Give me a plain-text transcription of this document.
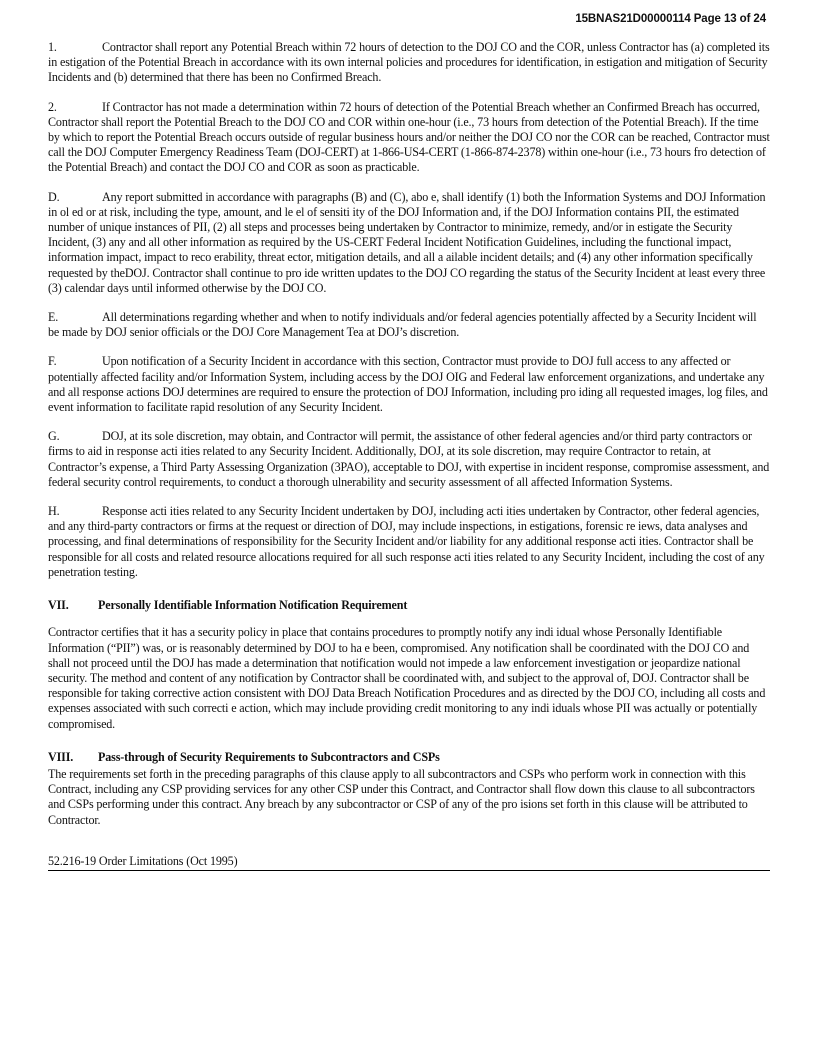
15BNAS21D00000114 Page 13 of 24

1.	Contractor shall report any Potential Breach within 72 hours of detection to the DOJ CO and the COR, unless Contractor has (a) completed its in estigation of the Potential Breach in accordance with its own internal policies and procedures for identification, in estigation and mitigation of Security Incidents and (b) determined that there has been no Confirmed Breach.

2.	If Contractor has not made a determination within 72 hours of detection of the Potential Breach whether an Confirmed Breach has occurred, Contractor shall report the Potential Breach to the DOJ CO and COR within one-hour (i.e., 73 hours from detection of the Potential Breach). If the time by which to report the Potential Breach occurs outside of regular business hours and/or neither the DOJ CO nor the COR can be reached, Contractor must call the DOJ Computer Emergency Readiness Team (DOJ-CERT) at 1-866-US4-CERT (1-866-874-2378) within one-hour (i.e., 73 hours fro detection of the Potential Breach) and contact the DOJ CO and COR as soon as practicable.

D.	Any report submitted in accordance with paragraphs (B) and (C), abo e, shall identify (1) both the Information Systems and DOJ Information in ol ed or at risk, including the type, amount, and le el of sensiti ity of the DOJ Information and, if the DOJ Information contains PII, the estimated number of unique instances of PII, (2) all steps and processes being undertaken by Contractor to minimize, remedy, and/or in estigate the Security Incident, (3) any and all other information as required by the US-CERT Federal Incident Notification Guidelines, including the functional impact, information impact, impact to reco erability, threat ector, mitigation details, and all a ailable incident details; and (4) any other information specifically requested by theDOJ. Contractor shall continue to pro ide written updates to the DOJ CO regarding the status of the Security Incident at least every three (3) calendar days until informed otherwise by the DOJ CO.

E.	All determinations regarding whether and when to notify individuals and/or federal agencies potentially affected by a Security Incident will be made by DOJ senior officials or the DOJ Core Management Tea at DOJ’s discretion.

F.	Upon notification of a Security Incident in accordance with this section, Contractor must provide to DOJ full access to any affected or potentially affected facility and/or Information System, including access by the DOJ OIG and Federal law enforcement organizations, and undertake any and all response actions DOJ determines are required to ensure the protection of DOJ Information, including pro iding all requested images, log files, and event information to facilitate rapid resolution of any Security Incident.

G.	DOJ, at its sole discretion, may obtain, and Contractor will permit, the assistance of other federal agencies and/or third party contractors or firms to aid in response acti ities related to any Security Incident. Additionally, DOJ, at its sole discretion, may require Contractor to retain, at Contractor’s expense, a Third Party Assessing Organization (3PAO), acceptable to DOJ, with expertise in incident response, compromise assessment, and federal security control requirements, to conduct a thorough ulnerability and security assessment of all affected Information Systems.

H.	Response acti ities related to any Security Incident undertaken by DOJ, including acti ities undertaken by Contractor, other federal agencies, and any third-party contractors or firms at the request or direction of DOJ, may include inspections, in estigations, forensic re iews, data analyses and processing, and final determinations of responsibility for the Security Incident and/or liability for any additional response acti ities. Contractor shall be responsible for all costs and related resource allocations required for all such response acti ities related to any Security Incident, including the cost of any penetration testing.

VII. Personally Identifiable Information Notification Requirement

Contractor certifies that it has a security policy in place that contains procedures to promptly notify any indi idual whose Personally Identifiable Information (“PII”) was, or is reasonably determined by DOJ to ha e been, compromised. Any notification shall be coordinated with the DOJ CO and shall not proceed until the DOJ has made a determination that notification would not impede a law enforcement investigation or jeopardize national security. The method and content of any notification by Contractor shall be coordinated with, and subject to the approval of, DOJ. Contractor shall be responsible for taking corrective action consistent with DOJ Data Breach Notification Procedures and as directed by the DOJ CO, including all costs and expenses associated with such correcti e action, which may include providing credit monitoring to any indi iduals whose PII was actually or potentially compromised.

VIII. Pass-through of Security Requirements to Subcontractors and CSPs

The requirements set forth in the preceding paragraphs of this clause apply to all subcontractors and CSPs who perform work in connection with this Contract, including any CSP providing services for any other CSP under this Contract, and Contractor shall flow down this clause to all subcontractors and CSPs performing under this contract. Any breach by any subcontractor or CSP of any of the pro isions set forth in this clause will be attributed to Contractor.

52.216-19 Order Limitations (Oct 1995)
